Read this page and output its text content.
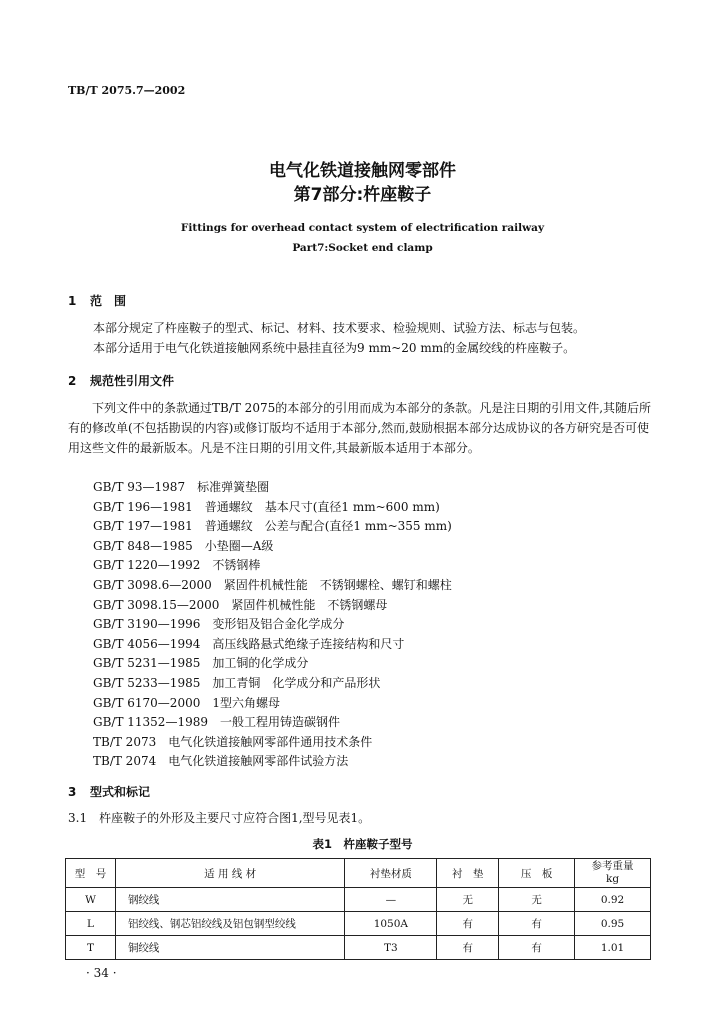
TB/T 2075.7—2002
电气化铁道接触网零部件
第7部分:杵座鞍子
Fittings for overhead contact system of electrification railway
Part7:Socket end clamp
1 范　围
本部分规定了杵座鞍子的型式、标记、材料、技术要求、检验规则、试验方法、标志与包装。
本部分适用于电气化铁道接触网系统中悬挂直径为9 mm~20 mm的金属绞线的杵座鞍子。
2 规范性引用文件
下列文件中的条款通过TB/T 2075的本部分的引用而成为本部分的条款。凡是注日期的引用文件,其随后所有的修改单(不包括勘误的内容)或修订版均不适用于本部分,然而,鼓励根据本部分达成协议的各方研究是否可使用这些文件的最新版本。凡是不注日期的引用文件,其最新版本适用于本部分。
GB/T 93—1987　标准弹簧垫圈
GB/T 196—1981　普通螺纹　基本尺寸(直径1 mm~600 mm)
GB/T 197—1981　普通螺纹　公差与配合(直径1 mm~355 mm)
GB/T 848—1985　小垫圈—A级
GB/T 1220—1992　不锈钢棒
GB/T 3098.6—2000　紧固件机械性能　不锈钢螺栓、螺钉和螺柱
GB/T 3098.15—2000　紧固件机械性能　不锈钢螺母
GB/T 3190—1996　变形铝及铝合金化学成分
GB/T 4056—1994　高压线路悬式绝缘子连接结构和尺寸
GB/T 5231—1985　加工铜的化学成分
GB/T 5233—1985　加工青铜　化学成分和产品形状
GB/T 6170—2000　1型六角螺母
GB/T 11352—1989　一般工程用铸造碳钢件
TB/T 2073　电气化铁道接触网零部件通用技术条件
TB/T 2074　电气化铁道接触网零部件试验方法
3 型式和标记
3.1　杵座鞍子的外形及主要尺寸应符合图1,型号见表1。
表1　杵座鞍子型号
型　号	适 用 线 材	衬垫材质	衬　垫	压　板	参考重量
kg
W	钢绞线	—	无	无	0.92
L	铝绞线、钢芯铝绞线及铝包钢型绞线	1050A	有	有	0.95
T	铜绞线	T3	有	有	1.01
· 34 ·
